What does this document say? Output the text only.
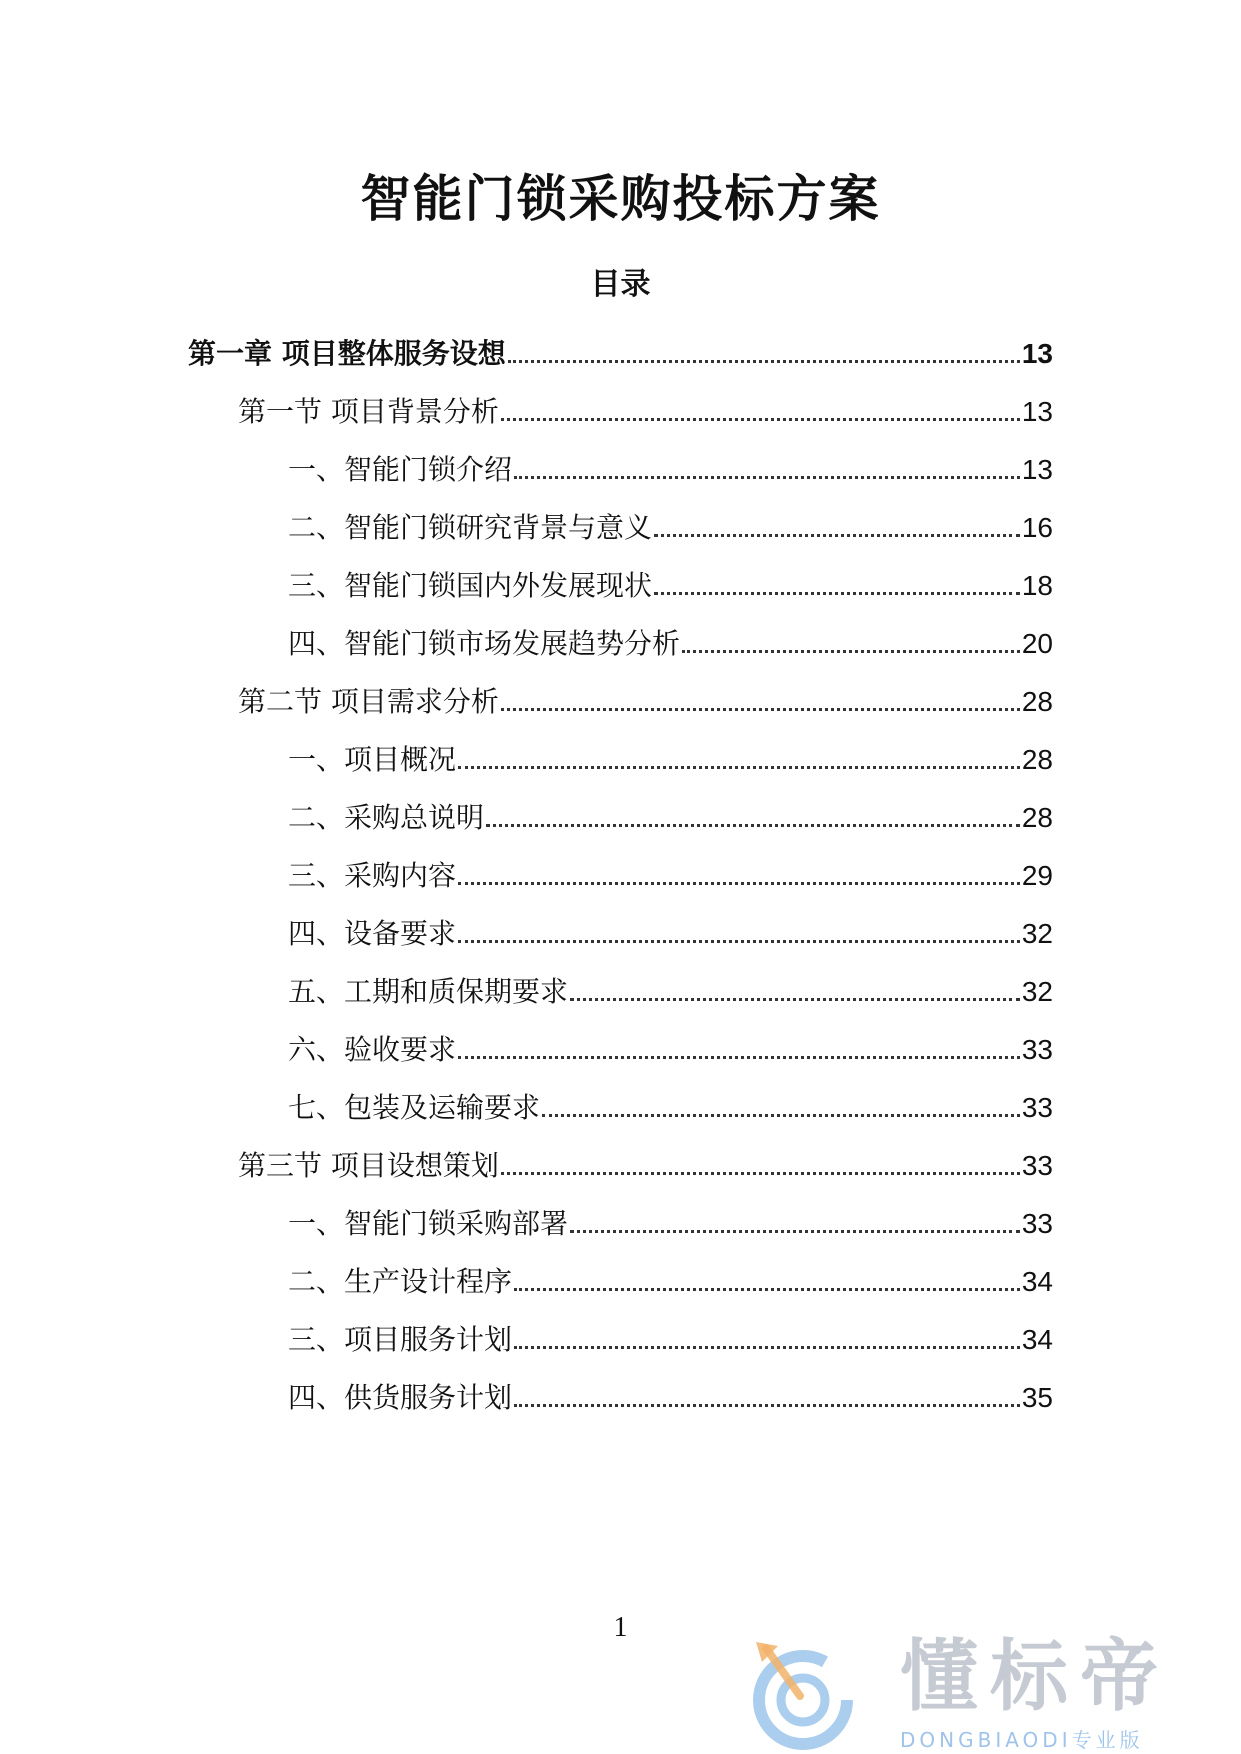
智能门锁采购投标方案
目录
第一章 项目整体服务设想	13
第一节 项目背景分析	13
一、智能门锁介绍	13
二、智能门锁研究背景与意义	16
三、智能门锁国内外发展现状	18
四、智能门锁市场发展趋势分析	20
第二节 项目需求分析	28
一、项目概况	28
二、采购总说明	28
三、采购内容	29
四、设备要求	32
五、工期和质保期要求	32
六、验收要求	33
七、包装及运输要求	33
第三节 项目设想策划	33
一、智能门锁采购部署	33
二、生产设计程序	34
三、项目服务计划	34
四、供货服务计划	35
1
懂标帝
DONGBIAODI专业版
